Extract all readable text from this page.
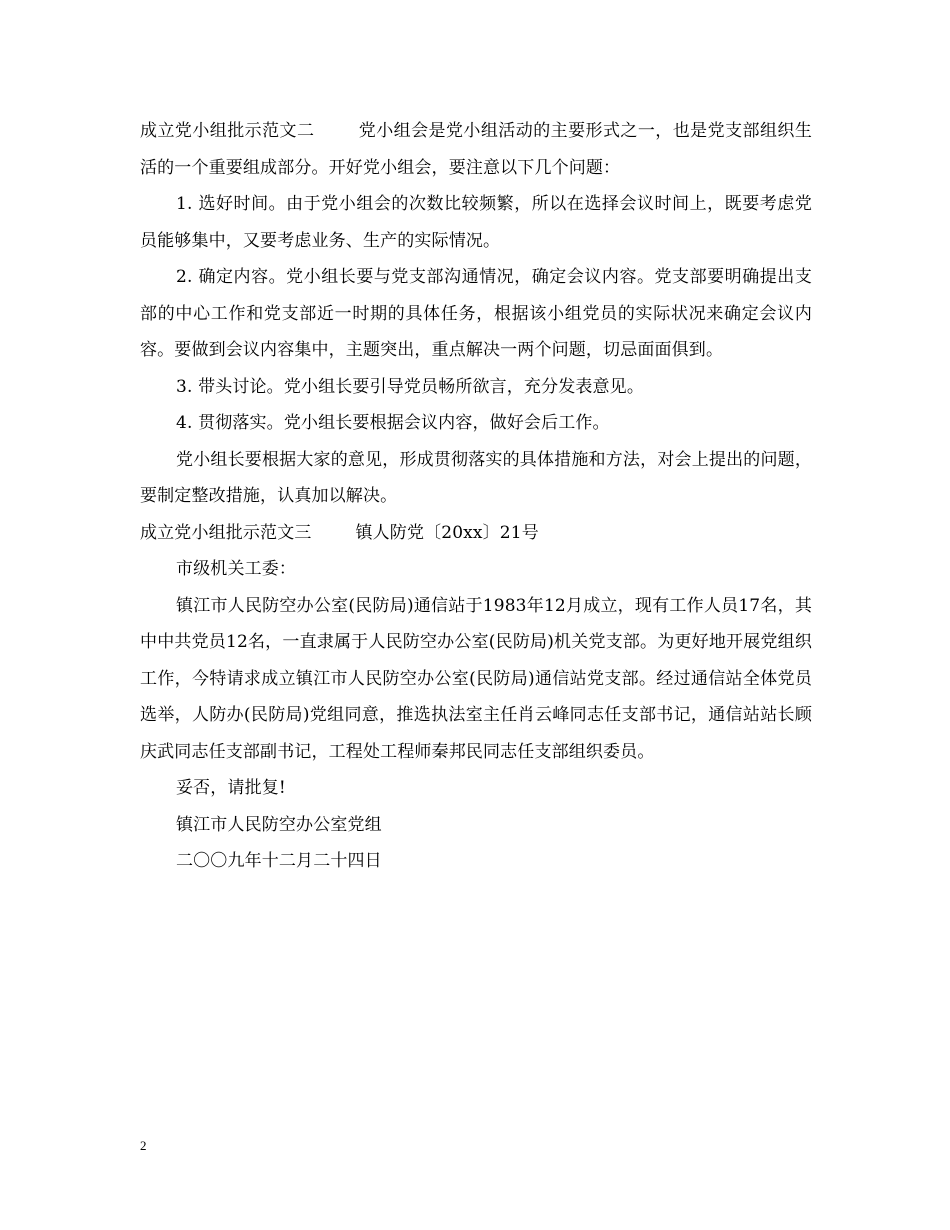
成立党小组批示范文二	党小组会是党小组活动的主要形式之一，也是党支部组织生活的一个重要组成部分。开好党小组会，要注意以下几个问题：

1. 选好时间。由于党小组会的次数比较频繁，所以在选择会议时间上，既要考虑党员能够集中，又要考虑业务、生产的实际情况。

2. 确定内容。党小组长要与党支部沟通情况，确定会议内容。党支部要明确提出支部的中心工作和党支部近一时期的具体任务，根据该小组党员的实际状况来确定会议内容。要做到会议内容集中，主题突出，重点解决一两个问题，切忌面面俱到。

3. 带头讨论。党小组长要引导党员畅所欲言，充分发表意见。

4. 贯彻落实。党小组长要根据会议内容，做好会后工作。

党小组长要根据大家的意见，形成贯彻落实的具体措施和方法，对会上提出的问题，要制定整改措施，认真加以解决。

成立党小组批示范文三	镇人防党〔20xx〕21号

市级机关工委：

镇江市人民防空办公室(民防局)通信站于1983年12月成立，现有工作人员17名，其中中共党员12名，一直隶属于人民防空办公室(民防局)机关党支部。为更好地开展党组织工作，今特请求成立镇江市人民防空办公室(民防局)通信站党支部。经过通信站全体党员选举，人防办(民防局)党组同意，推选执法室主任肖云峰同志任支部书记，通信站站长顾庆武同志任支部副书记，工程处工程师秦邦民同志任支部组织委员。

妥否，请批复!

镇江市人民防空办公室党组

二〇〇九年十二月二十四日

2
